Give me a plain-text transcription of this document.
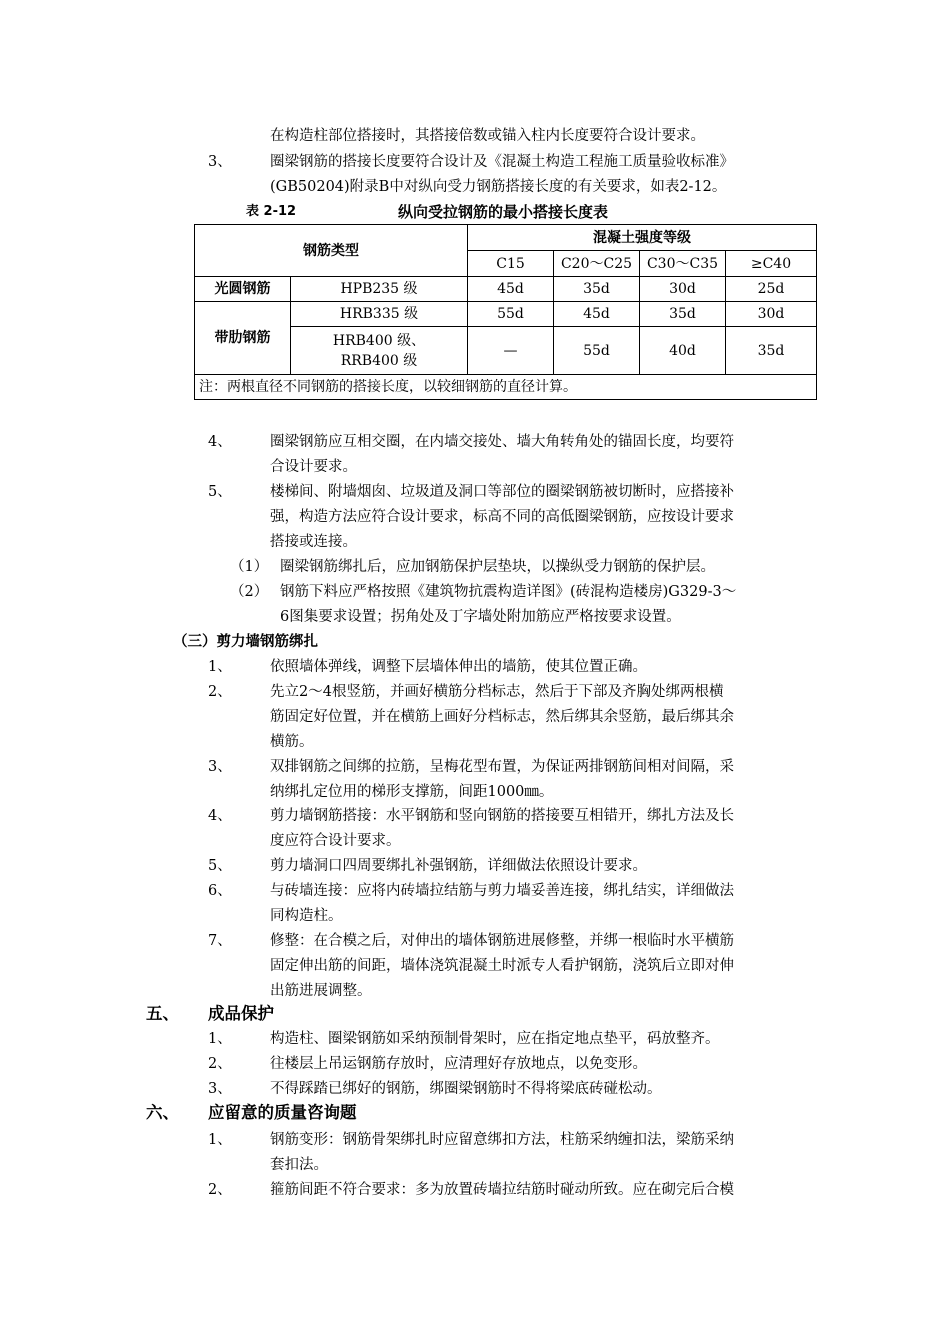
在构造柱部位搭接时，其搭接倍数或锚入柱内长度要符合设计要求。
3、	圈梁钢筋的搭接长度要符合设计及《混凝土构造工程施工质量验收标准》
(GB50204)附录B中对纵向受力钢筋搭接长度的有关要求，如表2-12。
表 2-12	纵向受拉钢筋的最小搭接长度表
钢筋类型		混凝土强度等级			
		C15	C20～C25	C30～C35	≥C40
光圆钢筋	HPB235 级	45d	35d	30d	25d
带肋钢筋	HRB335 级	55d	45d	35d	30d
	HRB400 级、RRB400 级	—	55d	40d	35d
注：两根直径不同钢筋的搭接长度，以较细钢筋的直径计算。					
4、	圈梁钢筋应互相交圈，在内墙交接处、墙大角转角处的锚固长度，均要符
合设计要求。
5、	楼梯间、附墙烟囱、垃圾道及洞口等部位的圈梁钢筋被切断时，应搭接补
强，构造方法应符合设计要求，标高不同的高低圈梁钢筋，应按设计要求
搭接或连接。
（1） 圈梁钢筋绑扎后，应加钢筋保护层垫块，以操纵受力钢筋的保护层。
（2） 钢筋下料应严格按照《建筑物抗震构造详图》(砖混构造楼房)G329-3～
6图集要求设置；拐角处及丁字墙处附加筋应严格按要求设置。
（三）剪力墙钢筋绑扎
1、	依照墙体弹线，调整下层墙体伸出的墙筋，使其位置正确。
2、	先立2～4根竖筋，并画好横筋分档标志，然后于下部及齐胸处绑两根横
筋固定好位置，并在横筋上画好分档标志，然后绑其余竖筋，最后绑其余
横筋。
3、	双排钢筋之间绑的拉筋，呈梅花型布置，为保证两排钢筋间相对间隔，采
纳绑扎定位用的梯形支撑筋，间距1000㎜。
4、	剪力墙钢筋搭接：水平钢筋和竖向钢筋的搭接要互相错开，绑扎方法及长
度应符合设计要求。
5、	剪力墙洞口四周要绑扎补强钢筋，详细做法依照设计要求。
6、	与砖墙连接：应将内砖墙拉结筋与剪力墙妥善连接，绑扎结实，详细做法
同构造柱。
7、	修整：在合模之后，对伸出的墙体钢筋进展修整，并绑一根临时水平横筋
固定伸出筋的间距，墙体浇筑混凝土时派专人看护钢筋，浇筑后立即对伸
出筋进展调整。
五、 成品保护
1、	构造柱、圈梁钢筋如采纳预制骨架时，应在指定地点垫平，码放整齐。
2、	往楼层上吊运钢筋存放时，应清理好存放地点，以免变形。
3、	不得踩踏已绑好的钢筋，绑圈梁钢筋时不得将梁底砖碰松动。
六、 应留意的质量咨询题
1、	钢筋变形：钢筋骨架绑扎时应留意绑扣方法，柱筋采纳缠扣法，梁筋采纳
套扣法。
2、	箍筋间距不符合要求：多为放置砖墙拉结筋时碰动所致。应在砌完后合模
